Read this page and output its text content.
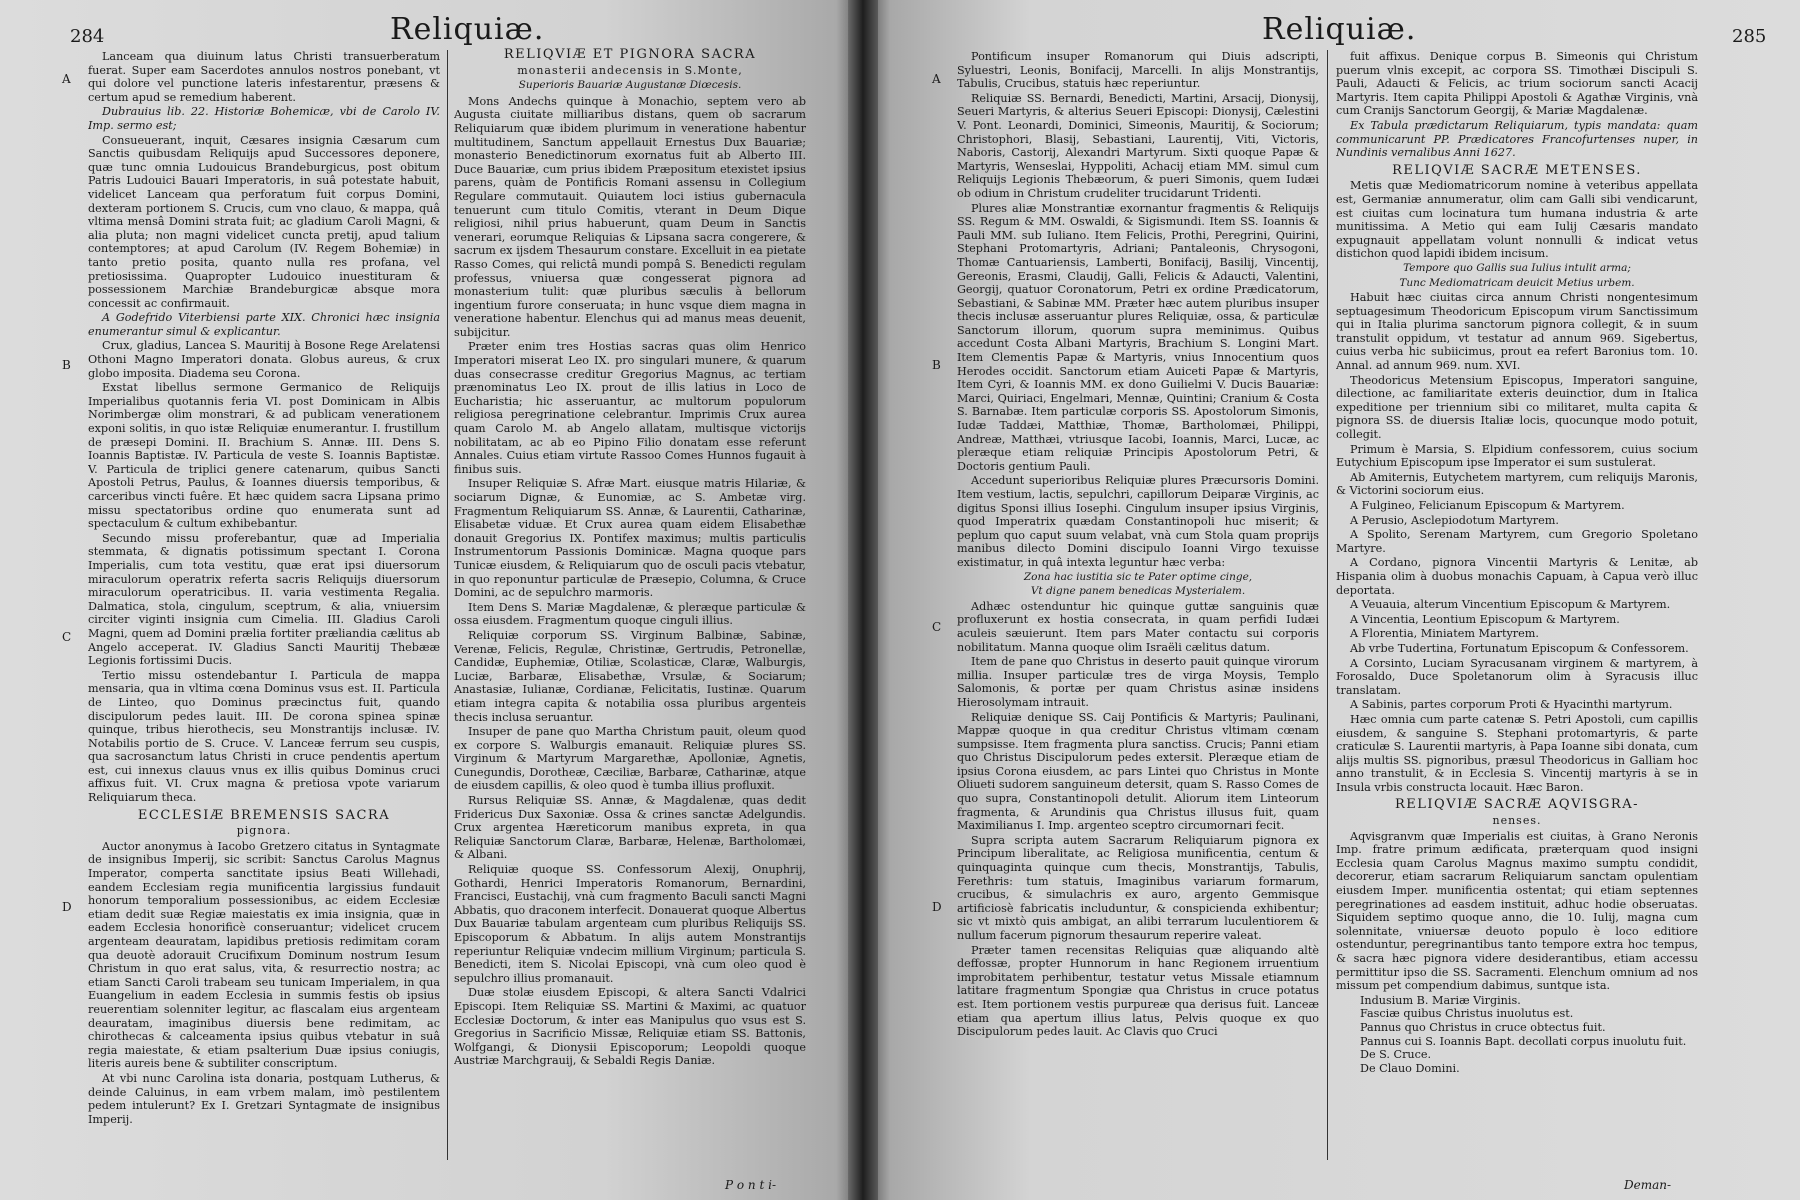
284	Reliquiæ.
A
B
C
D

Lanceam qua diuinum latus Christi transuerberatum fuerat. Super eam Sacerdotes annulos nostros ponebant, vt qui dolore vel punctione lateris infestarentur, præsens & certum apud se remedium haberent.

Dubrauius lib. 22. Historiæ Bohemicæ, vbi de Carolo IV. Imp. sermo est;

Consueuerant, inquit, Cæsares insignia Cæsarum cum Sanctis quibusdam Reliquijs apud Successores deponere, quæ tunc omnia Ludouicus Brandeburgicus, post obitum Patris Ludouici Bauari Imperatoris, in suâ potestate habuit, videlicet Lanceam qua perforatum fuit corpus Domini, dexteram portionem S. Crucis, cum vno clauo, & mappa, quâ vltima mensâ Domini strata fuit; ac gladium Caroli Magni, & alia pluta; non magni videlicet cuncta pretij, apud talium contemptores; at apud Carolum (IV. Regem Bohemiæ) in tanto pretio posita, quanto nulla res profana, vel pretiosissima. Quapropter Ludouico inuestituram & possessionem Marchiæ Brandeburgicæ absque mora concessit ac confirmauit.

A Godefrido Viterbiensi parte XIX. Chronici hæc insignia enumerantur simul & explicantur.

Crux, gladius, Lancea S. Mauritij à Bosone Rege Arelatensi Othoni Magno Imperatori donata. Globus aureus, & crux globo imposita. Diadema seu Corona.

Exstat libellus sermone Germanico de Reliquijs Imperialibus quotannis feria VI. post Dominicam in Albis Norimbergæ olim monstrari, & ad publicam venerationem exponi solitis, in quo istæ Reliquiæ enumerantur. I. frustillum de præsepi Domini. II. Brachium S. Annæ. III. Dens S. Ioannis Baptistæ. IV. Particula de veste S. Ioannis Baptistæ. V. Particula de triplici genere catenarum, quibus Sancti Apostoli Petrus, Paulus, & Ioannes diuersis temporibus, & carceribus vincti fuêre. Et hæc quidem sacra Lipsana primo missu spectatoribus ordine quo enumerata sunt ad spectaculum & cultum exhibebantur.

Secundo missu proferebantur, quæ ad Imperialia stemmata, & dignatis potissimum spectant I. Corona Imperialis, cum tota vestitu, quæ erat ipsi diuersorum miraculorum operatrix referta sacris Reliquijs diuersorum miraculorum operatricibus. II. varia vestimenta Regalia. Dalmatica, stola, cingulum, sceptrum, & alia, vniuersim circiter viginti insignia cum Cimelia. III. Gladius Caroli Magni, quem ad Domini prælia fortiter præliandia cælitus ab Angelo acceperat. IV. Gladius Sancti Mauritij Thebææ Legionis fortissimi Ducis.

Tertio missu ostendebantur I. Particula de mappa mensaria, qua in vltima cœna Dominus vsus est. II. Particula de Linteo, quo Dominus præcinctus fuit, quando discipulorum pedes lauit. III. De corona spinea spinæ quinque, tribus hierothecis, seu Monstrantijs inclusæ. IV. Notabilis portio de S. Cruce. V. Lanceæ ferrum seu cuspis, qua sacrosanctum latus Christi in cruce pendentis apertum est, cui innexus clauus vnus ex illis quibus Dominus cruci affixus fuit. VI. Crux magna & pretiosa vpote variarum Reliquiarum theca.

ECCLESIÆ BREMENSIS SACRA

pignora.

Auctor anonymus à Iacobo Gretzero citatus in Syntagmate de insignibus Imperij, sic scribit: Sanctus Carolus Magnus Imperator, comperta sanctitate ipsius Beati Willehadi, eandem Ecclesiam regia munificentia largissius fundauit honorum temporalium possessionibus, ac eidem Ecclesiæ etiam dedit suæ Regiæ maiestatis ex imia insignia, quæ in eadem Ecclesia honorificè conseruantur; videlicet crucem argenteam deauratam, lapidibus pretiosis redimitam coram qua deuotè adorauit Crucifixum Dominum nostrum Iesum Christum in quo erat salus, vita, & resurrectio nostra; ac etiam Sancti Caroli trabeam seu tunicam Imperialem, in qua Euangelium in eadem Ecclesia in summis festis ob ipsius reuerentiam solenniter legitur, ac flascalam eius argenteam deauratam, imaginibus diuersis bene redimitam, ac chirothecas & calceamenta ipsius quibus vtebatur in suâ regia maiestate, & etiam psalterium Duæ ipsius coniugis, literis aureis bene & subtiliter conscriptum.

At vbi nunc Carolina ista donaria, postquam Lutherus, & deinde Caluinus, in eam vrbem malam, imò pestilentem pedem intulerunt? Ex I. Gretzari Syntagmate de insignibus Imperij.

RELIQVIÆ ET PIGNORA SACRA

monasterii andecensis in S.Monte,

Superioris Bauariæ Augustanæ Diœcesis.

Mons Andechs quinque à Monachio, septem vero ab Augusta ciuitate milliaribus distans, quem ob sacrarum Reliquiarum quæ ibidem plurimum in veneratione habentur multitudinem, Sanctum appellauit Ernestus Dux Bauariæ; monasterio Benedictinorum exornatus fuit ab Alberto III. Duce Bauariæ, cum prius ibidem Præpositum etexistet ipsius parens, quàm de Pontificis Romani assensu in Collegium Regulare commutauit. Quiautem loci istius gubernacula tenuerunt cum titulo Comitis, vterant in Deum Dique religiosi, nihil prius habuerunt, quam Deum in Sanctis venerari, eorumque Reliquias & Lipsana sacra congerere, & sacrum ex ijsdem Thesaurum constare. Excelluit in ea pietate Rasso Comes, qui relictâ mundi pompâ S. Benedicti regulam professus, vniuersa quæ congesserat pignora ad monasterium tulit: quæ pluribus sæculis à bellorum ingentium furore conseruata; in hunc vsque diem magna in veneratione habentur. Elenchus qui ad manus meas deuenit, subijcitur.

Præter enim tres Hostias sacras quas olim Henrico Imperatori miserat Leo IX. pro singulari munere, & quarum duas consecrasse creditur Gregorius Magnus, ac tertiam prænominatus Leo IX. prout de illis latius in Loco de Eucharistia; hic asseruantur, ac multorum populorum religiosa peregrinatione celebrantur. Imprimis Crux aurea quam Carolo M. ab Angelo allatam, multisque victorijs nobilitatam, ac ab eo Pipino Filio donatam esse referunt Annales. Cuius etiam virtute Rassoo Comes Hunnos fugauit à finibus suis.

Insuper Reliquiæ S. Afræ Mart. eiusque matris Hilariæ, & sociarum Dignæ, & Eunomiæ, ac S. Ambetæ virg. Fragmentum Reliquiarum SS. Annæ, & Laurentii, Catharinæ, Elisabetæ viduæ. Et Crux aurea quam eidem Elisabethæ donauit Gregorius IX. Pontifex maximus; multis particulis Instrumentorum Passionis Dominicæ. Magna quoque pars Tunicæ eiusdem, & Reliquiarum quo de osculi pacis vtebatur, in quo reponuntur particulæ de Præsepio, Columna, & Cruce Domini, ac de sepulchro marmoris.

Item Dens S. Mariæ Magdalenæ, & pleræque particulæ & ossa eiusdem. Fragmentum quoque cinguli illius.

Reliquiæ corporum SS. Virginum Balbinæ, Sabinæ, Verenæ, Felicis, Regulæ, Christinæ, Gertrudis, Petronellæ, Candidæ, Euphemiæ, Otiliæ, Scolasticæ, Claræ, Walburgis, Luciæ, Barbaræ, Elisabethæ, Vrsulæ, & Sociarum; Anastasiæ, Iulianæ, Cordianæ, Felicitatis, Iustinæ. Quarum etiam integra capita & notabilia ossa pluribus argenteis thecis inclusa seruantur.

Insuper de pane quo Martha Christum pauit, oleum quod ex corpore S. Walburgis emanauit. Reliquiæ plures SS. Virginum & Martyrum Margarethæ, Apolloniæ, Agnetis, Cunegundis, Dorotheæ, Cæciliæ, Barbaræ, Catharinæ, atque de eiusdem capillis, & oleo quod è tumba illius profluxit.

Rursus Reliquiæ SS. Annæ, & Magdalenæ, quas dedit Fridericus Dux Saxoniæ. Ossa & crines sanctæ Adelgundis. Crux argentea Hæreticorum manibus expreta, in qua Reliquiæ Sanctorum Claræ, Barbaræ, Helenæ, Bartholomæi, & Albani.

Reliquiæ quoque SS. Confessorum Alexij, Onuphrij, Gothardi, Henrici Imperatoris Romanorum, Bernardini, Francisci, Eustachij, vnà cum fragmento Baculi sancti Magni Abbatis, quo draconem interfecit. Donauerat quoque Albertus Dux Bauariæ tabulam argenteam cum pluribus Reliquijs SS. Episcoporum & Abbatum. In alijs autem Monstrantijs reperiuntur Reliquiæ vndecim millium Virginum; particula S. Benedicti, item S. Nicolai Episcopi, vnà cum oleo quod è sepulchro illius promanauit.

Duæ stolæ eiusdem Episcopi, & altera Sancti Vdalrici Episcopi. Item Reliquiæ SS. Martini & Maximi, ac quatuor Ecclesiæ Doctorum, & inter eas Manipulus quo vsus est S. Gregorius in Sacrificio Missæ, Reliquiæ etiam SS. Battonis, Wolfgangi, & Dionysii Episcoporum; Leopoldi quoque Austriæ Marchgrauij, & Sebaldi Regis Daniæ.

P o n t i-
Reliquiæ.	285
A
B
C
D

Pontificum insuper Romanorum qui Diuis adscripti, Syluestri, Leonis, Bonifacij, Marcelli. In alijs Monstrantijs, Tabulis, Crucibus, statuis hæc reperiuntur.

Reliquiæ SS. Bernardi, Benedicti, Martini, Arsacij, Dionysij, Seueri Martyris, & alterius Seueri Episcopi: Dionysij, Cælestini V. Pont. Leonardi, Dominici, Simeonis, Mauritij, & Sociorum; Christophori, Blasij, Sebastiani, Laurentij, Viti, Victoris, Naboris, Castorij, Alexandri Martyrum. Sixti quoque Papæ & Martyris, Wenseslai, Hyppoliti, Achacij etiam MM. simul cum Reliquijs Legionis Thebæorum, & pueri Simonis, quem Iudæi ob odium in Christum crudeliter trucidarunt Tridenti.

Plures aliæ Monstrantiæ exornantur fragmentis & Reliquijs SS. Regum & MM. Oswaldi, & Sigismundi. Item SS. Ioannis & Pauli MM. sub Iuliano. Item Felicis, Prothi, Peregrini, Quirini, Stephani Protomartyris, Adriani; Pantaleonis, Chrysogoni, Thomæ Cantuariensis, Lamberti, Bonifacij, Basilij, Vincentij, Gereonis, Erasmi, Claudij, Galli, Felicis & Adaucti, Valentini, Georgij, quatuor Coronatorum, Petri ex ordine Prædicatorum, Sebastiani, & Sabinæ MM. Præter hæc autem pluribus insuper thecis inclusæ asseruantur plures Reliquiæ, ossa, & particulæ Sanctorum illorum, quorum supra meminimus. Quibus accedunt Costa Albani Martyris, Brachium S. Longini Mart. Item Clementis Papæ & Martyris, vnius Innocentium quos Herodes occidit. Sanctorum etiam Auiceti Papæ & Martyris, Item Cyri, & Ioannis MM. ex dono Guilielmi V. Ducis Bauariæ: Marci, Quiriaci, Engelmari, Mennæ, Quintini; Cranium & Costa S. Barnabæ. Item particulæ corporis SS. Apostolorum Simonis, Iudæ Taddæi, Matthiæ, Thomæ, Bartholomæi, Philippi, Andreæ, Matthæi, vtriusque Iacobi, Ioannis, Marci, Lucæ, ac pleræque etiam reliquiæ Principis Apostolorum Petri, & Doctoris gentium Pauli.

Accedunt superioribus Reliquiæ plures Præcursoris Domini. Item vestium, lactis, sepulchri, capillorum Deiparæ Virginis, ac digitus Sponsi illius Iosephi. Cingulum insuper ipsius Virginis, quod Imperatrix quædam Constantinopoli huc miserit; & peplum quo caput suum velabat, vnà cum Stola quam proprijs manibus dilecto Domini discipulo Ioanni Virgo texuisse existimatur, in quâ intexta leguntur hæc verba:

Zona hac iustitia sic te Pater optime cinge,

Vt digne panem benedicas Mysterialem.

Adhæc ostenduntur hic quinque guttæ sanguinis quæ profluxerunt ex hostia consecrata, in quam perfidi Iudæi aculeis sæuierunt. Item pars Mater contactu sui corporis nobilitatum. Manna quoque olim Israëli cælitus datum.

Item de pane quo Christus in deserto pauit quinque virorum millia. Insuper particulæ tres de virga Moysis, Templo Salomonis, & portæ per quam Christus asinæ insidens Hierosolymam intrauit.

Reliquiæ denique SS. Caij Pontificis & Martyris; Paulinani, Mappæ quoque in qua creditur Christus vltimam cœnam sumpsisse. Item fragmenta plura sanctiss. Crucis; Panni etiam quo Christus Discipulorum pedes extersit. Pleræque etiam de ipsius Corona eiusdem, ac pars Lintei quo Christus in Monte Oliueti sudorem sanguineum detersit, quam S. Rasso Comes de quo supra, Constantinopoli detulit. Aliorum item Linteorum fragmenta, & Arundinis qua Christus illusus fuit, quam Maximilianus I. Imp. argenteo sceptro circumornari fecit.

Supra scripta autem Sacrarum Reliquiarum pignora ex Principum liberalitate, ac Religiosa munificentia, centum & quinquaginta quinque cum thecis, Monstrantijs, Tabulis, Ferethris: tum statuis, Imaginibus variarum formarum, crucibus, & simulachris ex auro, argento Gemmisque artificiosè fabricatis includuntur, & conspicienda exhibentur; sic vt mixtò quis ambigat, an alibi terrarum luculentiorem & nullum facerum pignorum thesaurum reperire valeat.

Præter tamen recensitas Reliquias quæ aliquando altè deffossæ, propter Hunnorum in hanc Regionem irruentium improbitatem perhibentur, testatur vetus Missale etiamnum latitare fragmentum Spongiæ qua Christus in cruce potatus est. Item portionem vestis purpureæ qua derisus fuit. Lanceæ etiam qua apertum illius latus, Pelvis quoque ex quo Discipulorum pedes lauit. Ac Clavis quo Cruci

fuit affixus. Denique corpus B. Simeonis qui Christum puerum vlnis excepit, ac corpora SS. Timothæi Discipuli S. Pauli, Adaucti & Felicis, ac trium sociorum sancti Acacij Martyris. Item capita Philippi Apostoli & Agathæ Virginis, vnà cum Cranijs Sanctorum Georgij, & Mariæ Magdalenæ.

Ex Tabula prædictarum Reliquiarum, typis mandata: quam communicarunt PP. Prædicatores Francofurtenses nuper, in Nundinis vernalibus Anni 1627.

RELIQVIÆ SACRÆ METENSES.

Metis quæ Mediomatricorum nomine à veteribus appellata est, Germaniæ annumeratur, olim cam Galli sibi vendicarunt, est ciuitas cum locinatura tum humana industria & arte munitissima. A Metio qui eam Iulij Cæsaris mandato expugnauit appellatam volunt nonnulli & indicat vetus distichon quod lapidi ibidem incisum.

Tempore quo Gallis sua Iulius intulit arma;

Tunc Mediomatricam deuicit Metius urbem.

Habuit hæc ciuitas circa annum Christi nongentesimum septuagesimum Theodoricum Episcopum virum Sanctissimum qui in Italia plurima sanctorum pignora collegit, & in suum transtulit oppidum, vt testatur ad annum 969. Sigebertus, cuius verba hic subiicimus, prout ea refert Baronius tom. 10. Annal. ad annum 969. num. XVI.

Theodoricus Metensium Episcopus, Imperatori sanguine, dilectione, ac familiaritate exteris deuinctior, dum in Italica expeditione per triennium sibi co militaret, multa capita & pignora SS. de diuersis Italiæ locis, quocunque modo potuit, collegit.

Primum è Marsia, S. Elpidium confessorem, cuius socium Eutychium Episcopum ipse Imperator ei sum sustulerat.

Ab Amiternis, Eutychetem martyrem, cum reliquijs Maronis, & Victorini sociorum eius.

A Fulgineo, Felicianum Episcopum & Martyrem.

A Perusio, Asclepiodotum Martyrem.

A Spolito, Serenam Martyrem, cum Gregorio Spoletano Martyre.

A Cordano, pignora Vincentii Martyris & Lenitæ, ab Hispania olim à duobus monachis Capuam, à Capua verò illuc deportata.

A Veuauia, alterum Vincentium Episcopum & Martyrem.

A Vincentia, Leontium Episcopum & Martyrem.

A Florentia, Miniatem Martyrem.

Ab vrbe Tudertina, Fortunatum Episcopum & Confessorem.

A Corsinto, Luciam Syracusanam virginem & martyrem, à Forosaldo, Duce Spoletanorum olim à Syracusis illuc translatam.

A Sabinis, partes corporum Proti & Hyacinthi martyrum.

Hæc omnia cum parte catenæ S. Petri Apostoli, cum capillis eiusdem, & sanguine S. Stephani protomartyris, & parte craticulæ S. Laurentii martyris, à Papa Ioanne sibi donata, cum alijs multis SS. pignoribus, præsul Theodoricus in Galliam hoc anno transtulit, & in Ecclesia S. Vincentij martyris à se in Insula vrbis constructa locauit. Hæc Baron.

RELIQVIÆ SACRÆ AQVISGRA-

nenses.

Aqvisgranvm quæ Imperialis est ciuitas, à Grano Neronis Imp. fratre primum ædificata, præterquam quod insigni Ecclesia quam Carolus Magnus maximo sumptu condidit, decorerur, etiam sacrarum Reliquiarum sanctam opulentiam eiusdem Imper. munificentia ostentat; qui etiam septennes peregrinationes ad easdem instituit, adhuc hodie obseruatas. Siquidem septimo quoque anno, die 10. Iulij, magna cum solennitate, vniuersæ deuoto populo è loco editiore ostenduntur, peregrinantibus tanto tempore extra hoc tempus, & sacra hæc pignora videre desiderantibus, etiam accessu permittitur ipso die SS. Sacramenti. Elenchum omnium ad nos missum pet compendium dabimus, suntque ista.

Indusium B. Mariæ Virginis.

Fasciæ quibus Christus inuolutus est.

Pannus quo Christus in cruce obtectus fuit.

Pannus cui S. Ioannis Bapt. decollati corpus inuolutu fuit.

De S. Cruce.

De Clauo Domini.

Deman-
